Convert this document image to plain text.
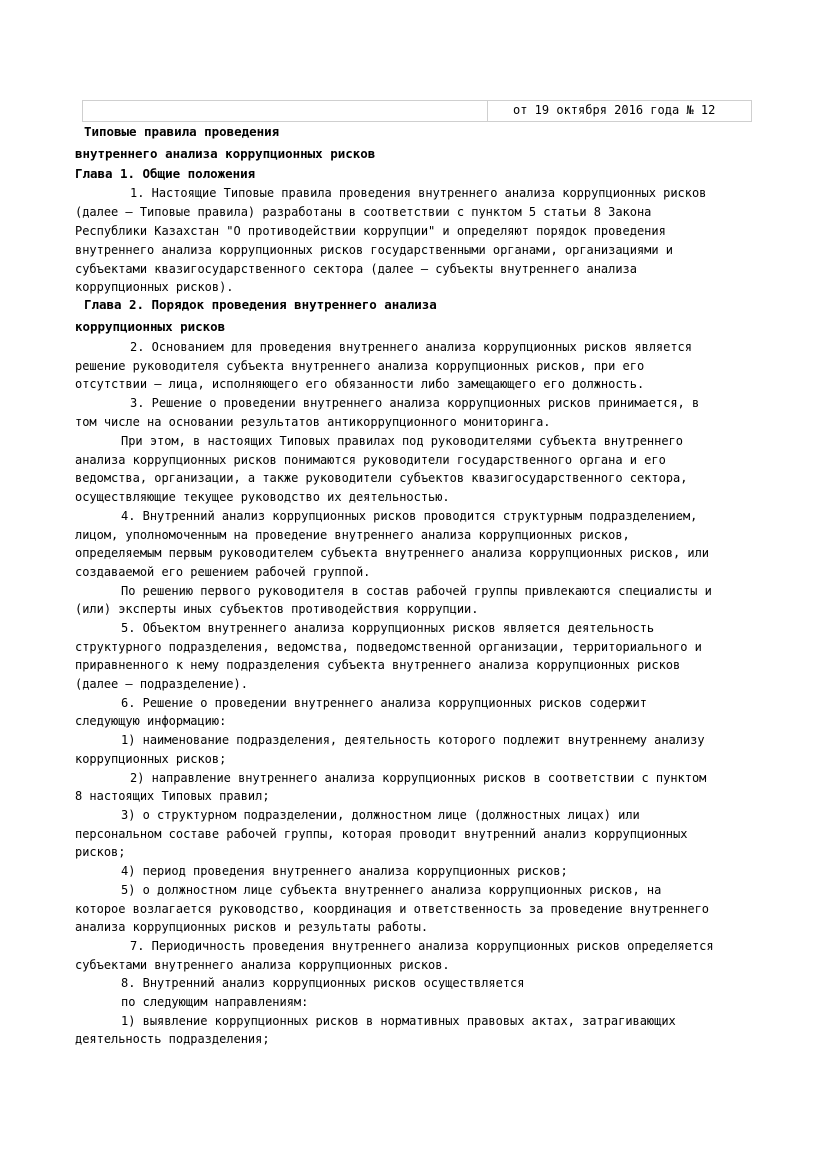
от 19 октября 2016 года № 12
Типовые правила проведения
внутреннего анализа коррупционных рисков
Глава 1. Общие положения
1. Настоящие Типовые правила проведения внутреннего анализа коррупционных рисков
(далее – Типовые правила) разработаны в соответствии с пунктом 5 статьи 8 Закона
Республики Казахстан "О противодействии коррупции" и определяют порядок проведения
внутреннего анализа коррупционных рисков государственными органами, организациями и
субъектами квазигосударственного сектора (далее – субъекты внутреннего анализа
коррупционных рисков).
Глава 2. Порядок проведения внутреннего анализа
коррупционных рисков
2. Основанием для проведения внутреннего анализа коррупционных рисков является
решение руководителя субъекта внутреннего анализа коррупционных рисков, при его
отсутствии – лица, исполняющего его обязанности либо замещающего его должность.
3. Решение о проведении внутреннего анализа коррупционных рисков принимается, в
том числе на основании результатов антикоррупционного мониторинга.
При этом, в настоящих Типовых правилах под руководителями субъекта внутреннего
анализа коррупционных рисков понимаются руководители государственного органа и его
ведомства, организации, а также руководители субъектов квазигосударственного сектора,
осуществляющие текущее руководство их деятельностью.
4. Внутренний анализ коррупционных рисков проводится структурным подразделением,
лицом, уполномоченным на проведение внутреннего анализа коррупционных рисков,
определяемым первым руководителем субъекта внутреннего анализа коррупционных рисков, или
создаваемой его решением рабочей группой.
По решению первого руководителя в состав рабочей группы привлекаются специалисты и
(или) эксперты иных субъектов противодействия коррупции.
5. Объектом внутреннего анализа коррупционных рисков является деятельность
структурного подразделения, ведомства, подведомственной организации, территориального и
приравненного к нему подразделения субъекта внутреннего анализа коррупционных рисков
(далее – подразделение).
6. Решение о проведении внутреннего анализа коррупционных рисков содержит
следующую информацию:
1) наименование подразделения, деятельность которого подлежит внутреннему анализу
коррупционных рисков;
2) направление внутреннего анализа коррупционных рисков в соответствии с пунктом
8 настоящих Типовых правил;
3) о структурном подразделении, должностном лице (должностных лицах) или
персональном составе рабочей группы, которая проводит внутренний анализ коррупционных
рисков;
4) период проведения внутреннего анализа коррупционных рисков;
5) о должностном лице субъекта внутреннего анализа коррупционных рисков, на
которое возлагается руководство, координация и ответственность за проведение внутреннего
анализа коррупционных рисков и результаты работы.
7. Периодичность проведения внутреннего анализа коррупционных рисков определяется
субъектами внутреннего анализа коррупционных рисков.
8. Внутренний анализ коррупционных рисков осуществляется
по следующим направлениям:
1) выявление коррупционных рисков в нормативных правовых актах, затрагивающих
деятельность подразделения;
